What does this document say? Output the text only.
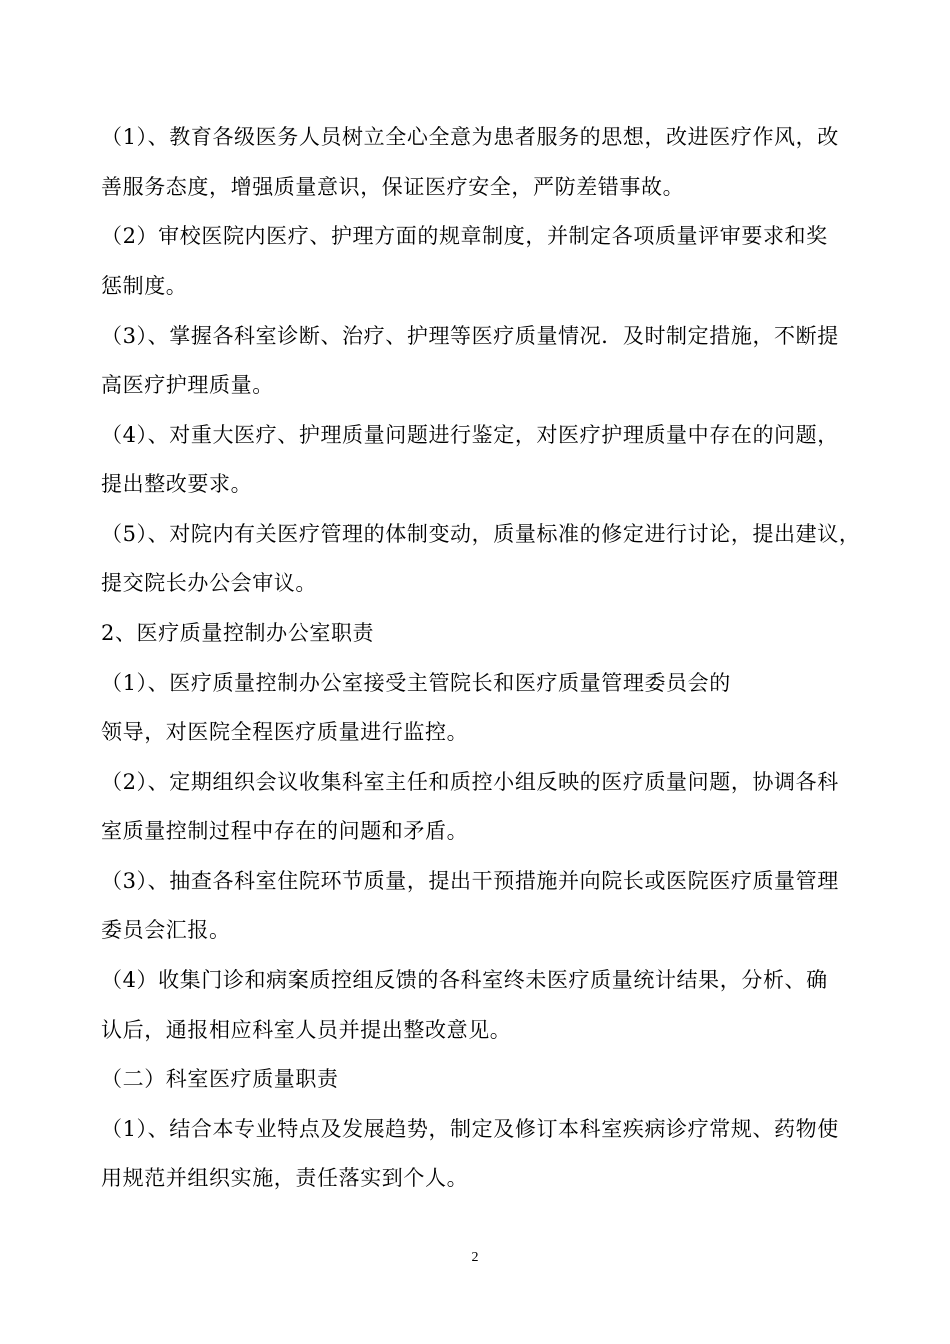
（1）、教育各级医务人员树立全心全意为患者服务的思想，改进医疗作风，改
善服务态度，增强质量意识，保证医疗安全，严防差错事故。
（2）审校医院内医疗、护理方面的规章制度，并制定各项质量评审要求和奖
惩制度。
（3）、掌握各科室诊断、治疗、护理等医疗质量情况．及时制定措施，不断提
高医疗护理质量。
（4）、对重大医疗、护理质量问题进行鉴定，对医疗护理质量中存在的问题，
提出整改要求。
（5）、对院内有关医疗管理的体制变动，质量标准的修定进行讨论，提出建议，
提交院长办公会审议。
2、医疗质量控制办公室职责
（1）、医疗质量控制办公室接受主管院长和医疗质量管理委员会的
领导，对医院全程医疗质量进行监控。
（2）、定期组织会议收集科室主任和质控小组反映的医疗质量问题，协调各科
室质量控制过程中存在的问题和矛盾。
（3）、抽查各科室住院环节质量，提出干预措施并向院长或医院医疗质量管理
委员会汇报。
（4）收集门诊和病案质控组反馈的各科室终未医疗质量统计结果，分析、确
认后，通报相应科室人员并提出整改意见。
（二）科室医疗质量职责
（1）、结合本专业特点及发展趋势，制定及修订本科室疾病诊疗常规、药物使
用规范并组织实施，责任落实到个人。
2
